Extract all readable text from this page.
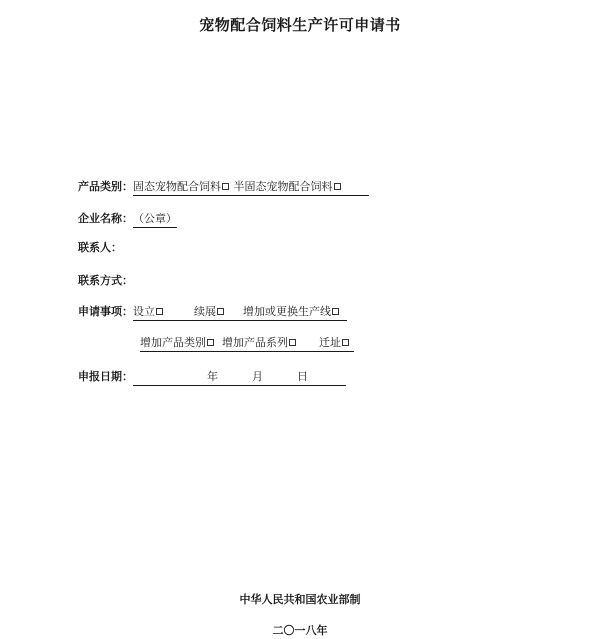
宠物配合饲料生产许可申请书
产品类别：固态宠物配合饲料 半固态宠物配合饲料
企业名称：（公章）
联系人：
联系方式：
申请事项：设立	续展 增加或更换生产线
增加产品类别 增加产品系列	迁址
申报日期：	年	月	日
中华人民共和国农业部制
二〇一八年
